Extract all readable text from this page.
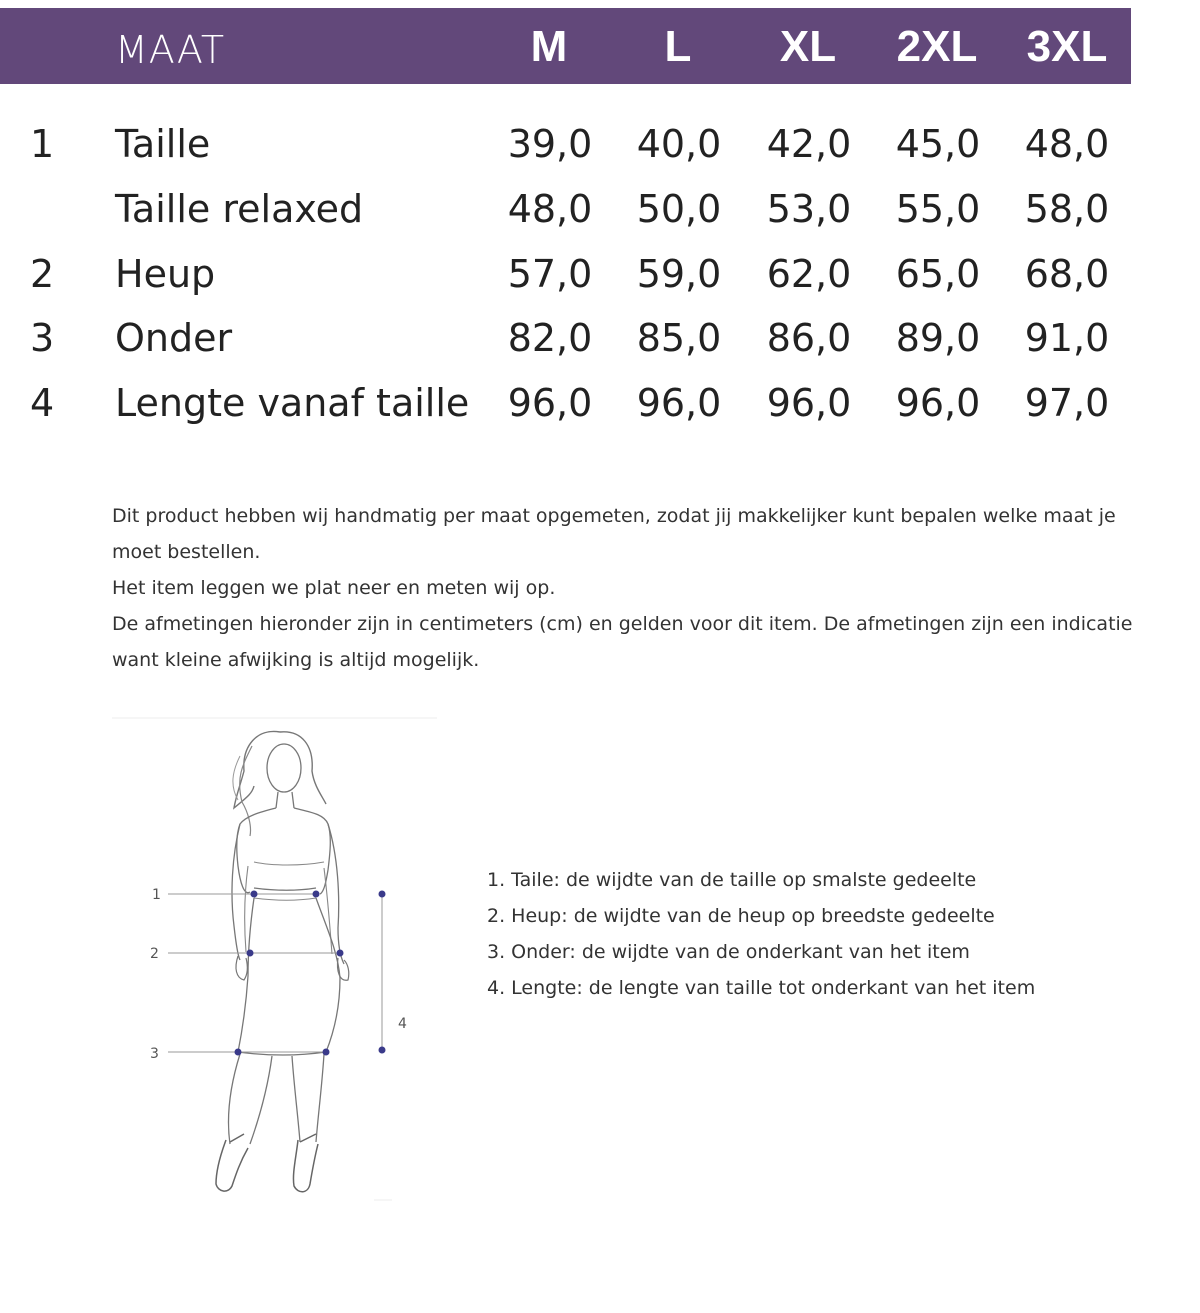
MAAT	M	L	XL	2XL	3XL
1	Taille	39,0	40,0	42,0	45,0	48,0
Taille relaxed	48,0	50,0	53,0	55,0	58,0
2	Heup	57,0	59,0	62,0	65,0	68,0
3	Onder	82,0	85,0	86,0	89,0	91,0
4	Lengte vanaf taille	96,0	96,0	96,0	96,0	97,0

Dit product hebben wij handmatig per maat opgemeten, zodat jij makkelijker kunt bepalen welke maat je moet bestellen.

Het item leggen we plat neer en meten wij op.

De afmetingen hieronder zijn in centimeters (cm) en gelden voor dit item. De afmetingen zijn een indicatie want kleine afwijking is altijd mogelijk.

1
2
3
4
1. Taile: de wijdte van de taille op smalste gedeelte
2. Heup: de wijdte van de heup op breedste gedeelte
3. Onder: de wijdte van de onderkant van het item
4. Lengte: de lengte van taille tot onderkant van het item
